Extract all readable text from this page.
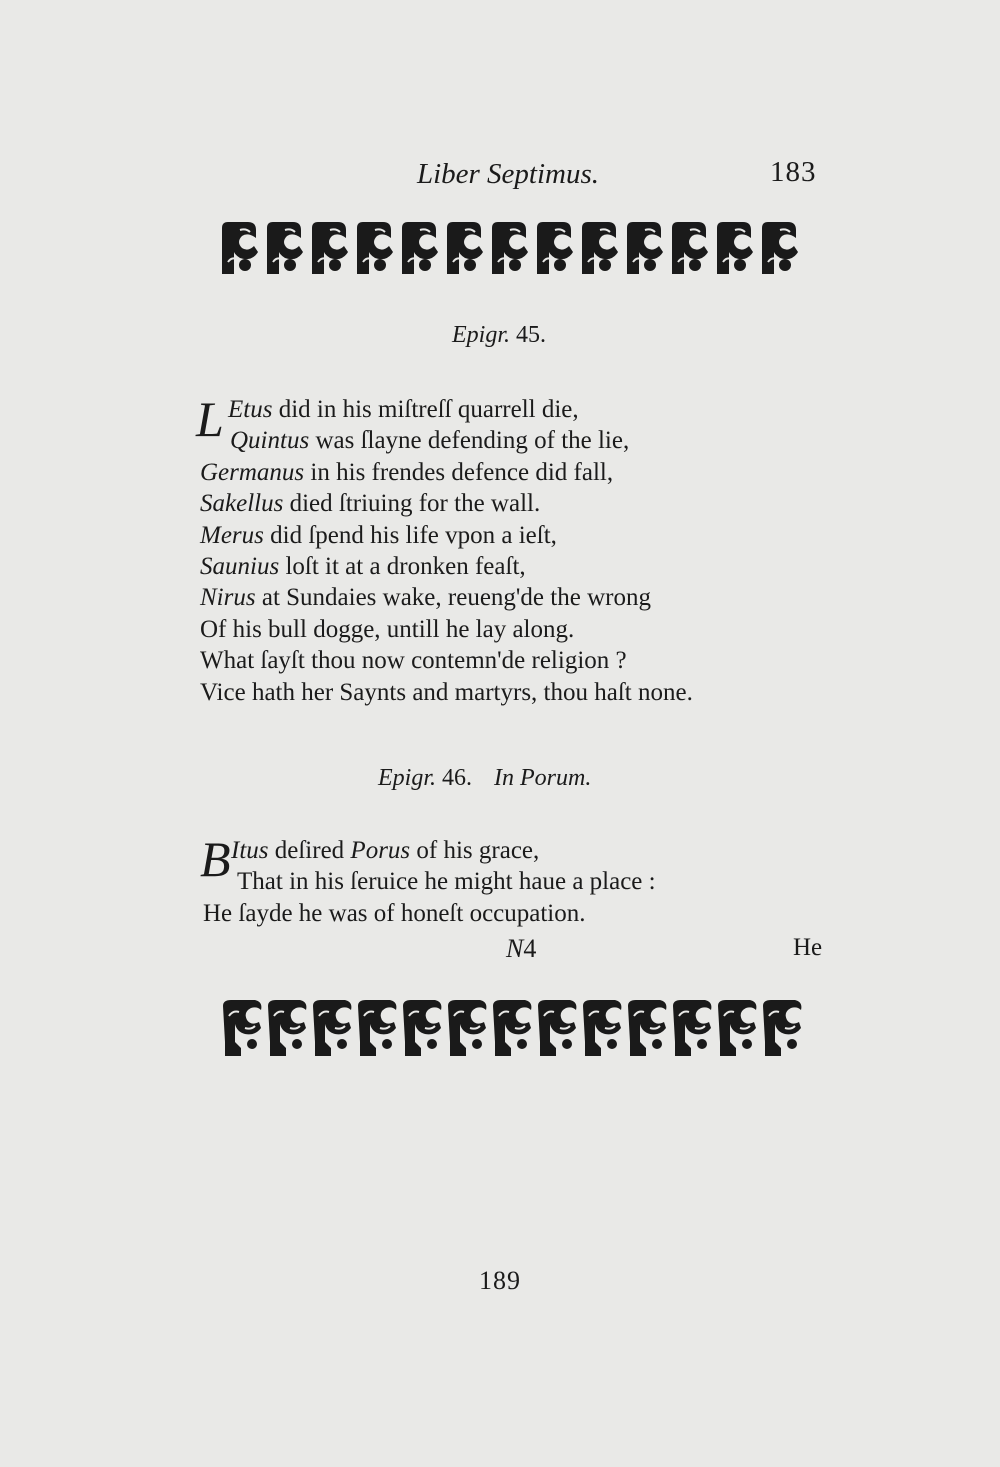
Liber Septimus.	183
Epigr. 45.
L Etus did in his miſtreſſ quarrell die,
Quintus was ſlayne defending of the lie,
Germanus in his frendes defence did fall,
Sakellus died ſtriuing for the wall.
Merus did ſpend his life vpon a ieſt,
Saunius loſt it at a dronken feaſt,
Nirus at Sundaies wake, reueng'de the wrong
Of his bull dogge, untill he lay along.
What ſayſt thou now contemn'de religion ?
Vice hath her Saynts and martyrs, thou haſt none.
Epigr. 46. In Porum.
B Itus deſired Porus of his grace,
That in his ſeruice he might haue a place :
He ſayde he was of honeſt occupation.
N4	He
189
